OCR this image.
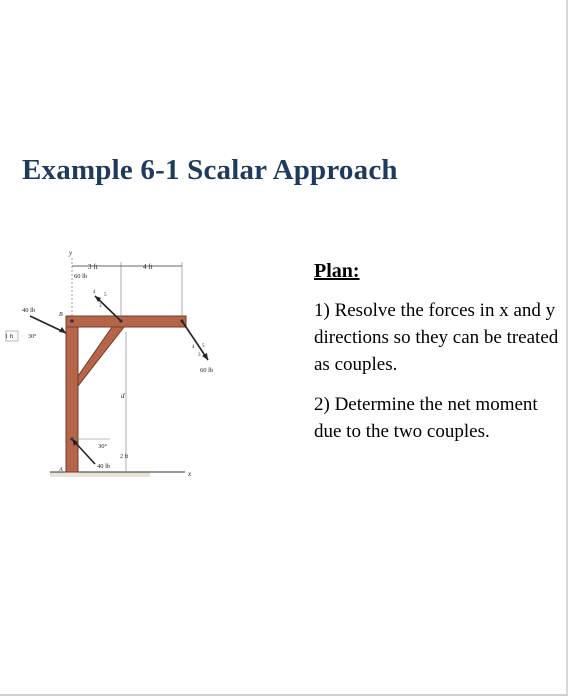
Example 6-1 Scalar Approach
3 ft	4 ft
y
60 lb
4
3
5
40 lb
1 ft 30°
B
60 lb
4
3
5
d
30°
2 ft
40 lb
A	x
Plan:
1) Resolve the forces in x and y directions so they can be treated as couples.
2) Determine the net moment due to the two couples.
